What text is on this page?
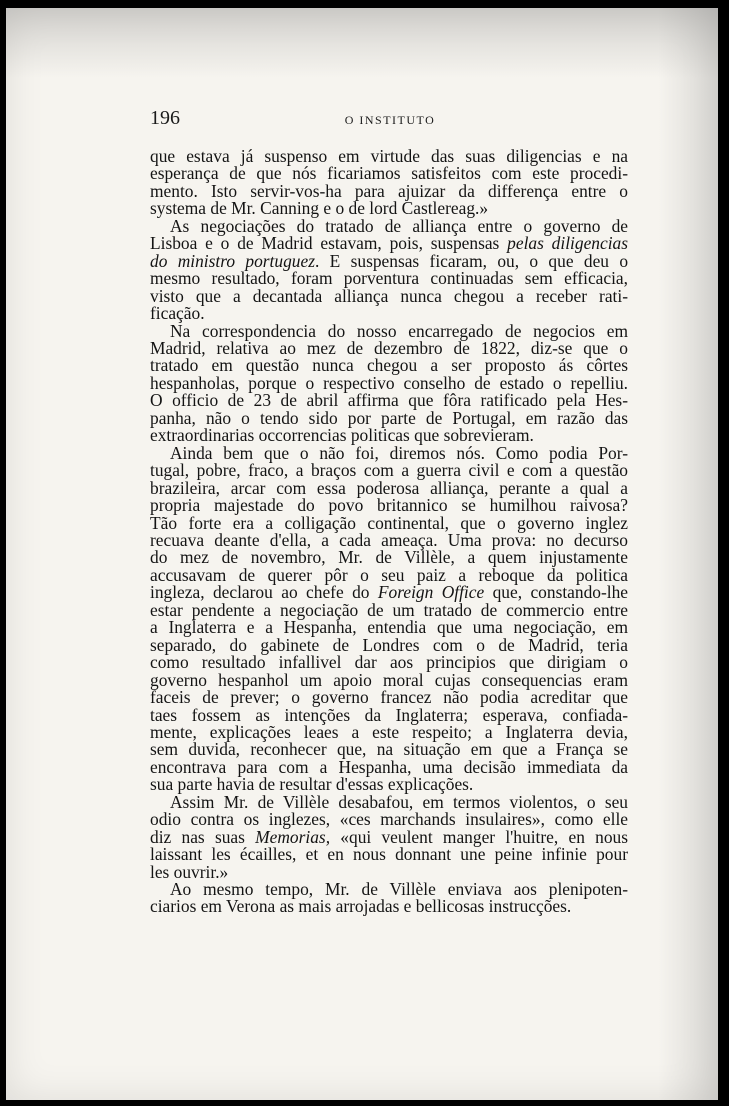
196	O INSTITUTO
que estava já suspenso em virtude das suas diligencias e na
esperança de que nós ficariamos satisfeitos com este procedi-
mento. Isto servir-vos-ha para ajuizar da differença entre o
systema de Mr. Canning e o de lord Castlereag.»
As negociações do tratado de alliança entre o governo de
Lisboa e o de Madrid estavam, pois, suspensas pelas diligencias
do ministro portuguez. E suspensas ficaram, ou, o que deu o
mesmo resultado, foram porventura continuadas sem efficacia,
visto que a decantada alliança nunca chegou a receber rati-
ficação.
Na correspondencia do nosso encarregado de negocios em
Madrid, relativa ao mez de dezembro de 1822, diz-se que o
tratado em questão nunca chegou a ser proposto ás côrtes
hespanholas, porque o respectivo conselho de estado o repelliu.
O officio de 23 de abril affirma que fôra ratificado pela Hes-
panha, não o tendo sido por parte de Portugal, em razão das
extraordinarias occorrencias politicas que sobrevieram.
Ainda bem que o não foi, diremos nós. Como podia Por-
tugal, pobre, fraco, a braços com a guerra civil e com a questão
brazileira, arcar com essa poderosa alliança, perante a qual a
propria majestade do povo britannico se humilhou raivosa?
Tão forte era a colligação continental, que o governo inglez
recuava deante d'ella, a cada ameaça. Uma prova: no decurso
do mez de novembro, Mr. de Villèle, a quem injustamente
accusavam de querer pôr o seu paiz a reboque da politica
ingleza, declarou ao chefe do Foreign Office que, constando-lhe
estar pendente a negociação de um tratado de commercio entre
a Inglaterra e a Hespanha, entendia que uma negociação, em
separado, do gabinete de Londres com o de Madrid, teria
como resultado infallivel dar aos principios que dirigiam o
governo hespanhol um apoio moral cujas consequencias eram
faceis de prever; o governo francez não podia acreditar que
taes fossem as intenções da Inglaterra; esperava, confiada-
mente, explicações leaes a este respeito; a Inglaterra devia,
sem duvida, reconhecer que, na situação em que a França se
encontrava para com a Hespanha, uma decisão immediata da
sua parte havia de resultar d'essas explicações.
Assim Mr. de Villèle desabafou, em termos violentos, o seu
odio contra os inglezes, «ces marchands insulaires», como elle
diz nas suas Memorias, «qui veulent manger l'huitre, en nous
laissant les écailles, et en nous donnant une peine infinie pour
les ouvrir.»
Ao mesmo tempo, Mr. de Villèle enviava aos plenipoten-
ciarios em Verona as mais arrojadas e bellicosas instrucções.
